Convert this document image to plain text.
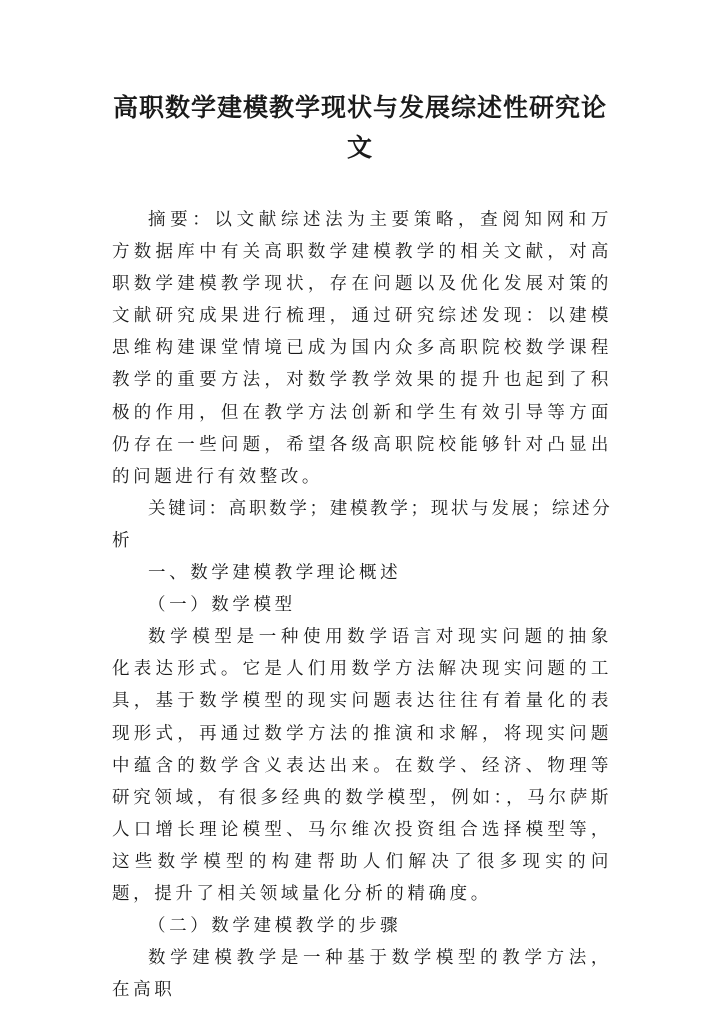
高职数学建模教学现状与发展综述性研究论文

摘要：以文献综述法为主要策略，查阅知网和万方数据库中有关高职数学建模教学的相关文献，对高职数学建模教学现状，存在问题以及优化发展对策的文献研究成果进行梳理，通过研究综述发现：以建模思维构建课堂情境已成为国内众多高职院校数学课程教学的重要方法，对数学教学效果的提升也起到了积极的作用，但在教学方法创新和学生有效引导等方面仍存在一些问题，希望各级高职院校能够针对凸显出的问题进行有效整改。

关键词：高职数学；建模教学；现状与发展；综述分析

一、数学建模教学理论概述

（一）数学模型

数学模型是一种使用数学语言对现实问题的抽象化表达形式。它是人们用数学方法解决现实问题的工具，基于数学模型的现实问题表达往往有着量化的表现形式，再通过数学方法的推演和求解，将现实问题中蕴含的数学含义表达出来。在数学、经济、物理等研究领域，有很多经典的数学模型，例如：，马尔萨斯人口增长理论模型、马尔维次投资组合选择模型等，这些数学模型的构建帮助人们解决了很多现实的问题，提升了相关领域量化分析的精确度。

（二）数学建模教学的步骤

数学建模教学是一种基于数学模型的教学方法，在高职
